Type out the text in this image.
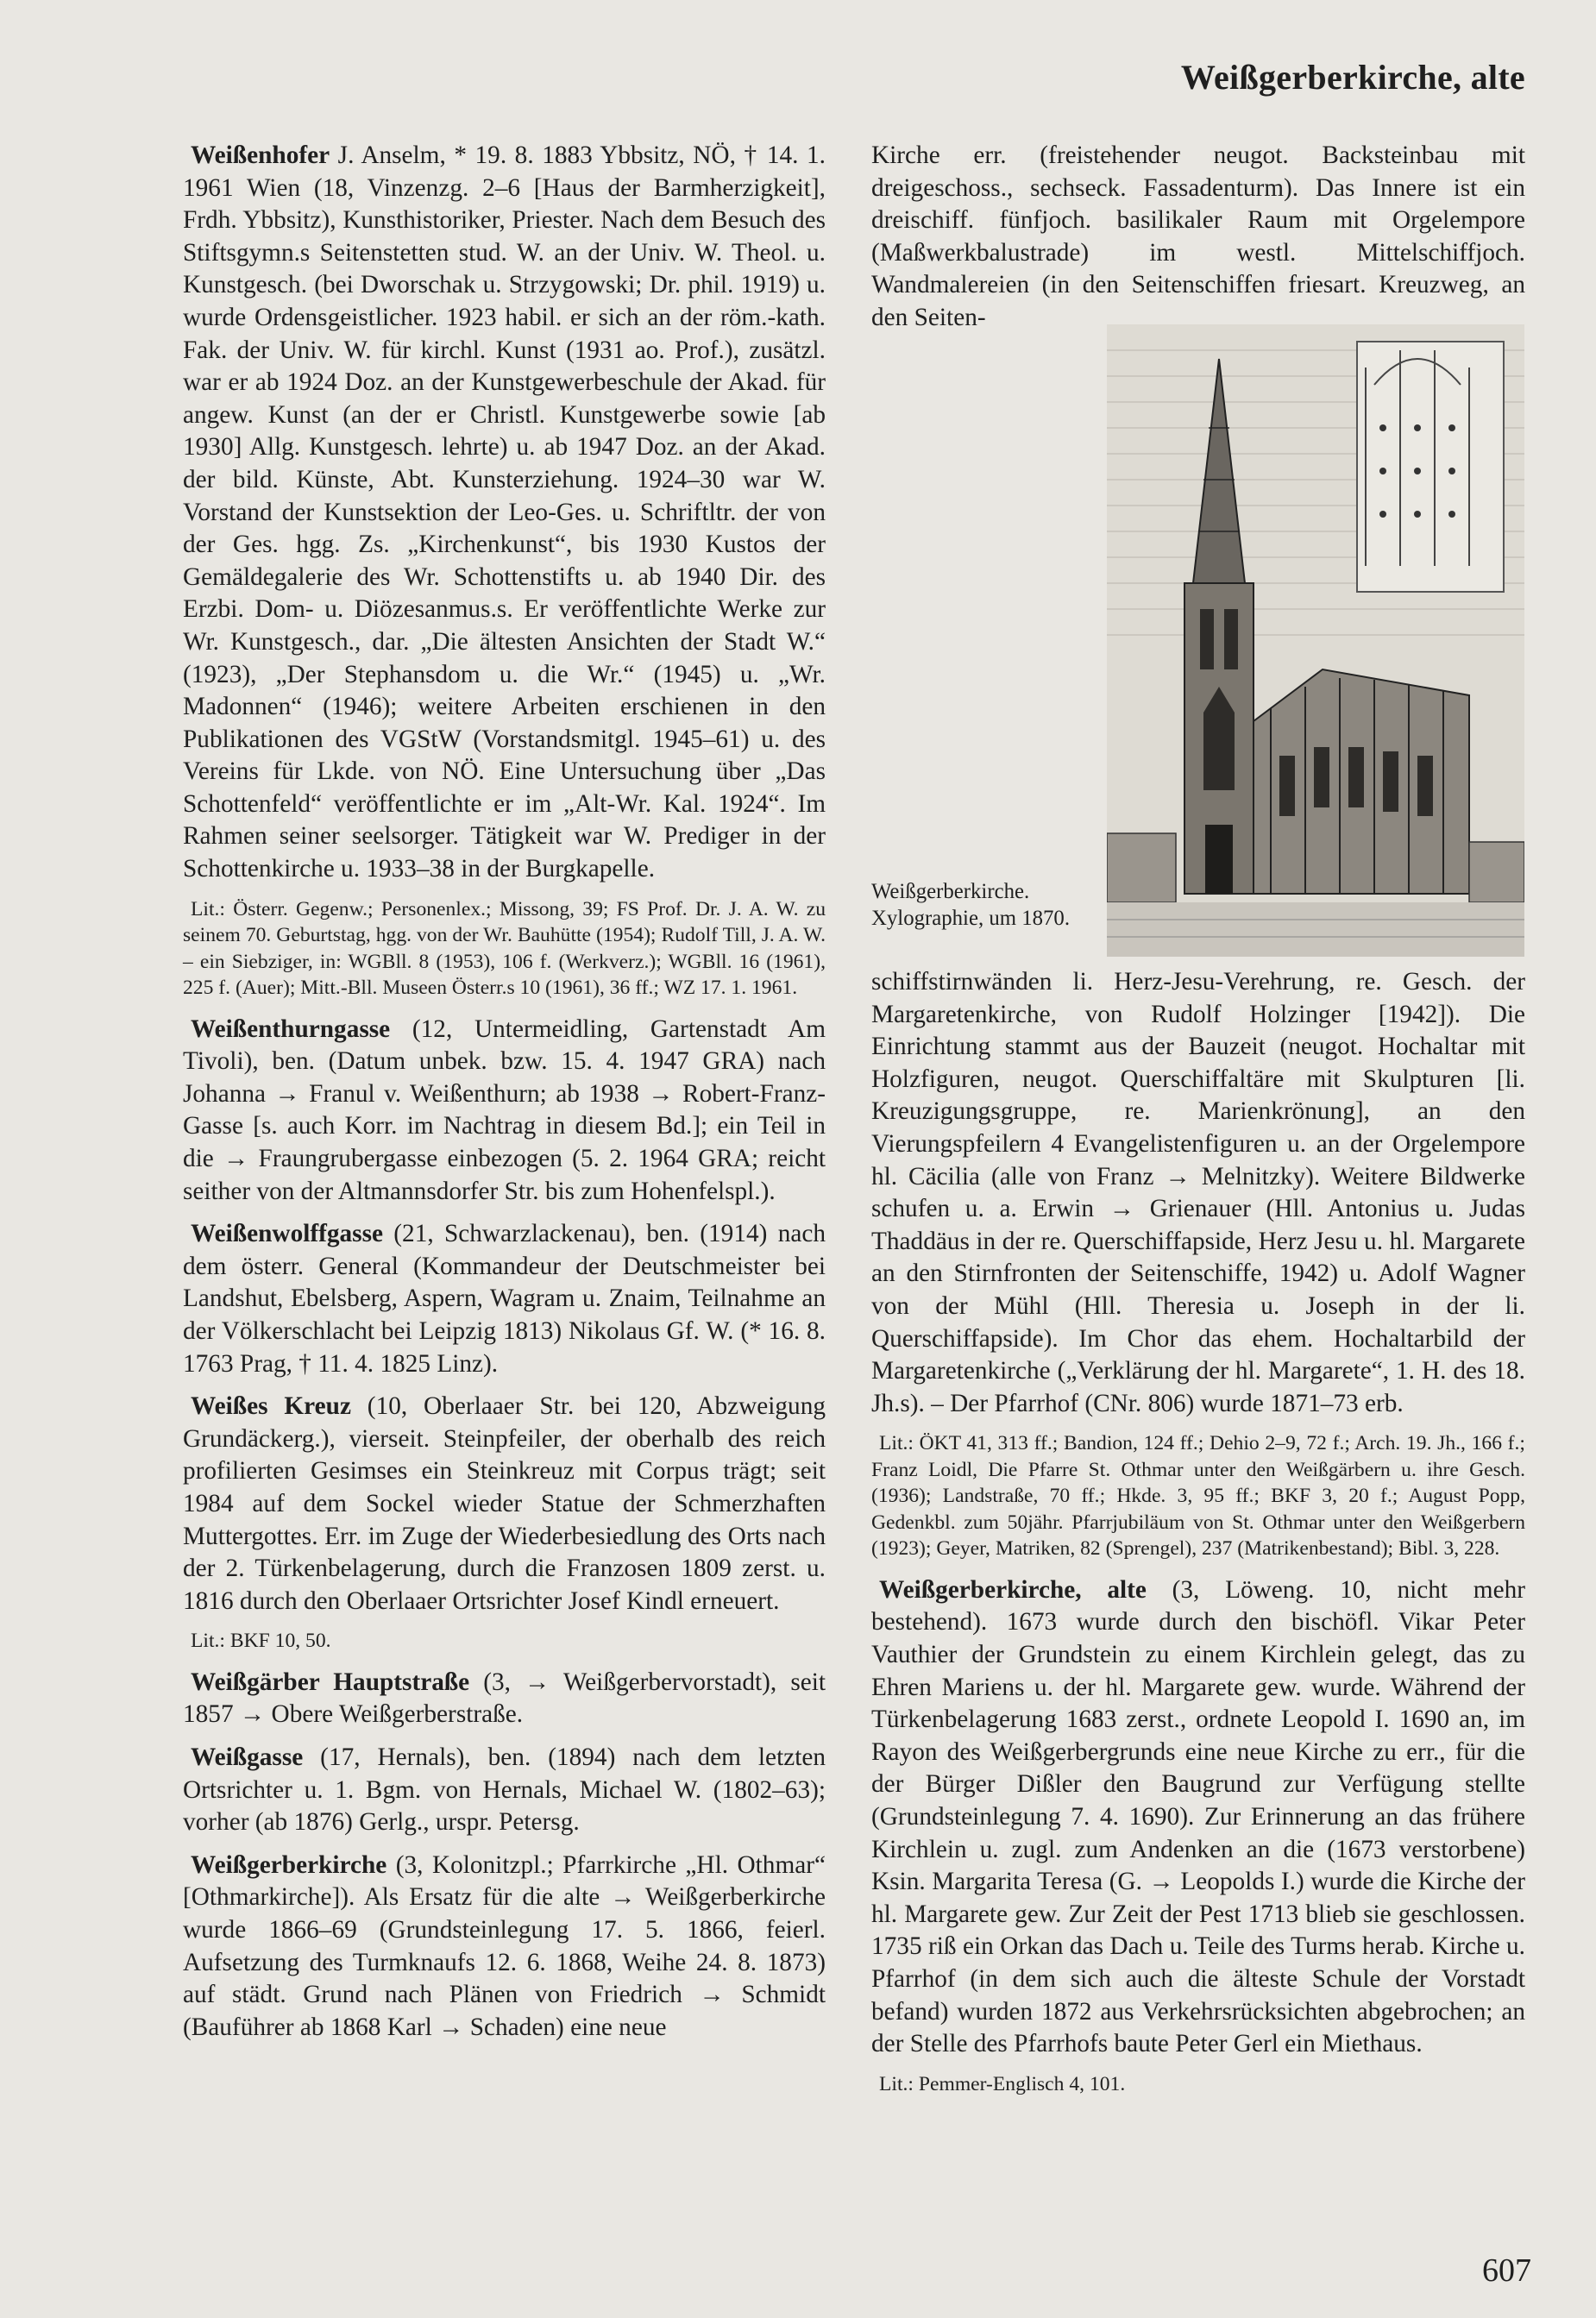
Weißgerberkirche, alte

Weißenhofer J. Anselm, * 19. 8. 1883 Ybbsitz, NÖ, † 14. 1. 1961 Wien (18, Vinzenzg. 2–6 [Haus der Barmherzigkeit], Frdh. Ybbsitz), Kunsthistoriker, Priester. Nach dem Besuch des Stiftsgymn.s Seitenstetten stud. W. an der Univ. W. Theol. u. Kunstgesch. (bei Dworschak u. Strzygowski; Dr. phil. 1919) u. wurde Ordensgeistlicher. 1923 habil. er sich an der röm.-kath. Fak. der Univ. W. für kirchl. Kunst (1931 ao. Prof.), zusätzl. war er ab 1924 Doz. an der Kunstgewerbeschule der Akad. für angew. Kunst (an der er Christl. Kunstgewerbe sowie [ab 1930] Allg. Kunstgesch. lehrte) u. ab 1947 Doz. an der Akad. der bild. Künste, Abt. Kunsterziehung. 1924–30 war W. Vorstand der Kunstsektion der Leo-Ges. u. Schriftltr. der von der Ges. hgg. Zs. „Kirchenkunst“, bis 1930 Kustos der Gemäldegalerie des Wr. Schottenstifts u. ab 1940 Dir. des Erzbi. Dom- u. Diözesanmus.s. Er veröffentlichte Werke zur Wr. Kunstgesch., dar. „Die ältesten Ansichten der Stadt W.“ (1923), „Der Stephansdom u. die Wr.“ (1945) u. „Wr. Madonnen“ (1946); weitere Arbeiten erschienen in den Publikationen des VGStW (Vorstandsmitgl. 1945–61) u. des Vereins für Lkde. von NÖ. Eine Untersuchung über „Das Schottenfeld“ veröffentlichte er im „Alt-Wr. Kal. 1924“. Im Rahmen seiner seelsorger. Tätigkeit war W. Prediger in der Schottenkirche u. 1933–38 in der Burgkapelle.

Lit.: Österr. Gegenw.; Personenlex.; Missong, 39; FS Prof. Dr. J. A. W. zu seinem 70. Geburtstag, hgg. von der Wr. Bauhütte (1954); Rudolf Till, J. A. W. – ein Siebziger, in: WGBll. 8 (1953), 106 f. (Werkverz.); WGBll. 16 (1961), 225 f. (Auer); Mitt.-Bll. Museen Österr.s 10 (1961), 36 ff.; WZ 17. 1. 1961.

Weißenthurngasse (12, Untermeidling, Gartenstadt Am Tivoli), ben. (Datum unbek. bzw. 15. 4. 1947 GRA) nach Johanna → Franul v. Weißenthurn; ab 1938 → Robert-Franz-Gasse [s. auch Korr. im Nachtrag in diesem Bd.]; ein Teil in die → Fraungrubergasse einbezogen (5. 2. 1964 GRA; reicht seither von der Altmannsdorfer Str. bis zum Hohenfelspl.).

Weißenwolffgasse (21, Schwarzlackenau), ben. (1914) nach dem österr. General (Kommandeur der Deutschmeister bei Landshut, Ebelsberg, Aspern, Wagram u. Znaim, Teilnahme an der Völkerschlacht bei Leipzig 1813) Nikolaus Gf. W. (* 16. 8. 1763 Prag, † 11. 4. 1825 Linz).

Weißes Kreuz (10, Oberlaaer Str. bei 120, Abzweigung Grundäckerg.), vierseit. Steinpfeiler, der oberhalb des reich profilierten Gesimses ein Steinkreuz mit Corpus trägt; seit 1984 auf dem Sockel wieder Statue der Schmerzhaften Muttergottes. Err. im Zuge der Wiederbesiedlung des Orts nach der 2. Türkenbelagerung, durch die Franzosen 1809 zerst. u. 1816 durch den Oberlaaer Ortsrichter Josef Kindl erneuert.

Lit.: BKF 10, 50.

Weißgärber Hauptstraße (3, → Weißgerbervorstadt), seit 1857 → Obere Weißgerberstraße.

Weißgasse (17, Hernals), ben. (1894) nach dem letzten Ortsrichter u. 1. Bgm. von Hernals, Michael W. (1802–63); vorher (ab 1876) Gerlg., urspr. Petersg.

Weißgerberkirche (3, Kolonitzpl.; Pfarrkirche „Hl. Othmar“ [Othmarkirche]). Als Ersatz für die alte → Weißgerberkirche wurde 1866–69 (Grundsteinlegung 17. 5. 1866, feierl. Aufsetzung des Turmknaufs 12. 6. 1868, Weihe 24. 8. 1873) auf städt. Grund nach Plänen von Friedrich → Schmidt (Bauführer ab 1868 Karl → Schaden) eine neue

Kirche err. (freistehender neugot. Backsteinbau mit dreigeschoss., sechseck. Fassadenturm). Das Innere ist ein dreischiff. fünfjoch. basilikaler Raum mit Orgelempore (Maßwerkbalustrade) im westl. Mittelschiffjoch. Wandmalereien (in den Seitenschiffen friesart. Kreuzweg, an den Seiten-

Weißgerberkirche. Xylographie, um 1870.

schiffstirnwänden li. Herz-Jesu-Verehrung, re. Gesch. der Margaretenkirche, von Rudolf Holzinger [1942]). Die Einrichtung stammt aus der Bauzeit (neugot. Hochaltar mit Holzfiguren, neugot. Querschiffaltäre mit Skulpturen [li. Kreuzigungsgruppe, re. Marienkrönung], an den Vierungspfeilern 4 Evangelistenfiguren u. an der Orgelempore hl. Cäcilia (alle von Franz → Melnitzky). Weitere Bildwerke schufen u. a. Erwin → Grienauer (Hll. Antonius u. Judas Thaddäus in der re. Querschiffapside, Herz Jesu u. hl. Margarete an den Stirnfronten der Seitenschiffe, 1942) u. Adolf Wagner von der Mühl (Hll. Theresia u. Joseph in der li. Querschiffapside). Im Chor das ehem. Hochaltarbild der Margaretenkirche („Verklärung der hl. Margarete“, 1. H. des 18. Jh.s). – Der Pfarrhof (CNr. 806) wurde 1871–73 erb.

Lit.: ÖKT 41, 313 ff.; Bandion, 124 ff.; Dehio 2–9, 72 f.; Arch. 19. Jh., 166 f.; Franz Loidl, Die Pfarre St. Othmar unter den Weißgärbern u. ihre Gesch. (1936); Landstraße, 70 ff.; Hkde. 3, 95 ff.; BKF 3, 20 f.; August Popp, Gedenkbl. zum 50jähr. Pfarrjubiläum von St. Othmar unter den Weißgerbern (1923); Geyer, Matriken, 82 (Sprengel), 237 (Matrikenbestand); Bibl. 3, 228.

Weißgerberkirche, alte (3, Löweng. 10, nicht mehr bestehend). 1673 wurde durch den bischöfl. Vikar Peter Vauthier der Grundstein zu einem Kirchlein gelegt, das zu Ehren Mariens u. der hl. Margarete gew. wurde. Während der Türkenbelagerung 1683 zerst., ordnete Leopold I. 1690 an, im Rayon des Weißgerbergrunds eine neue Kirche zu err., für die der Bürger Dißler den Baugrund zur Verfügung stellte (Grundsteinlegung 7. 4. 1690). Zur Erinnerung an das frühere Kirchlein u. zugl. zum Andenken an die (1673 verstorbene) Ksin. Margarita Teresa (G. → Leopolds I.) wurde die Kirche der hl. Margarete gew. Zur Zeit der Pest 1713 blieb sie geschlossen. 1735 riß ein Orkan das Dach u. Teile des Turms herab. Kirche u. Pfarrhof (in dem sich auch die älteste Schule der Vorstadt befand) wurden 1872 aus Verkehrsrücksichten abgebrochen; an der Stelle des Pfarrhofs baute Peter Gerl ein Miethaus.

Lit.: Pemmer-Englisch 4, 101.

607
